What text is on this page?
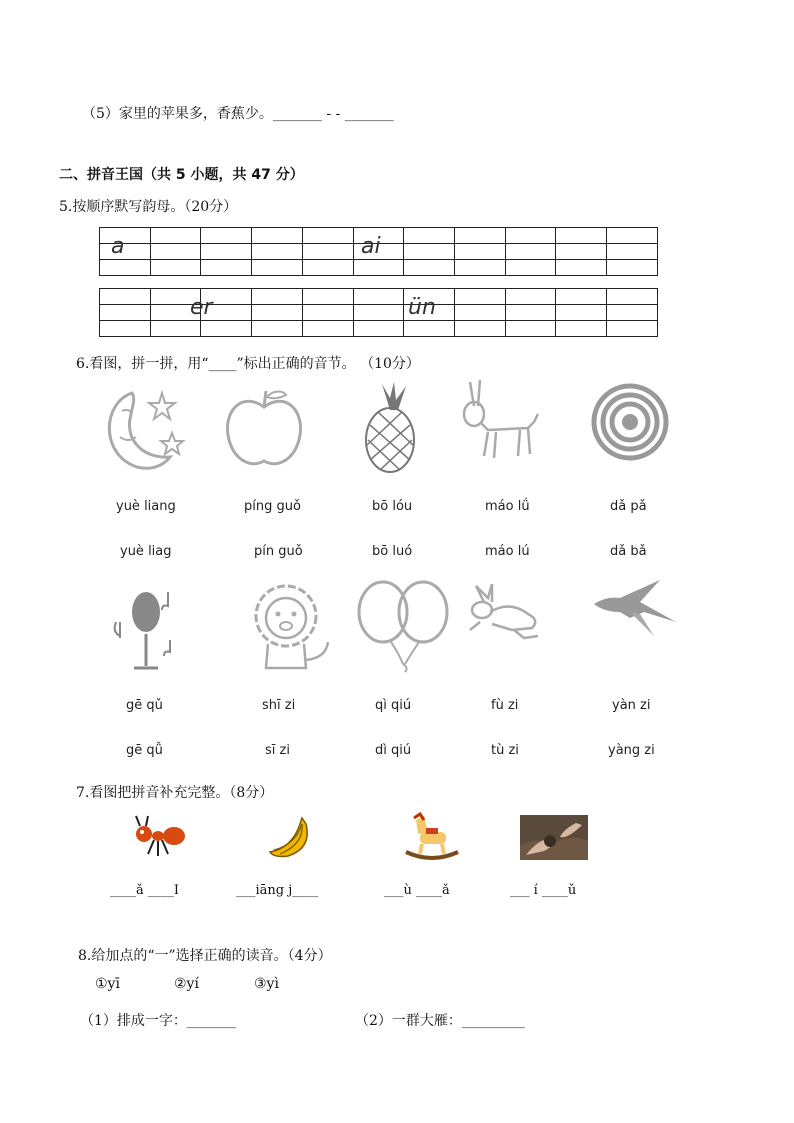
（5）家里的苹果多，香蕉少。_______ - - _______
二、拼音王国（共 5 小题，共 47 分）
5.按顺序默写韵母。（20分）

a	ai

er	ün
6.看图，拼一拼，用“____”标出正确的音节。 （10分）
yuè liang	píng guǒ	bō lóu	máo lǘ	dǎ pǎ
yuè liag	pín guǒ	bō luó	máo lú	dǎ bǎ
gē qǔ	shī zi	qì qiú	fù zi	yàn zi
gē qǚ	sī zi	dì qiú	tù zi	yàng zi
7.看图把拼音补充完整。（8分）
____ǎ ____I	___iāng j____	___ù ____ǎ	___ í ____ǔ
8.给加点的“一”选择正确的读音。（4分）
①yī	②yí	③yì
（1）排成一字：_______	（2）一群大雁：_________
